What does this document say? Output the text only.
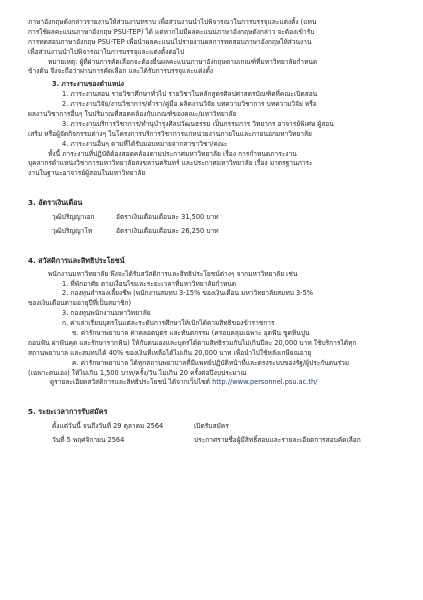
ภาษาอังกฤษดังกล่าวรายงานให้ส่วนงานทราบ เพื่อส่วนงานนำไปพิจารณาในการบรรจุและแต่งตั้ง (แทน

การใช้ผลคะแนนภาษาอังกฤษ PSU-TEP) ได้ แต่หากไม่มีผลคะแนนภาษาอังกฤษดังกล่าว จะต้องเข้ารับ

การทดสอบภาษาอังกฤษ PSU-TEP เพื่อนำผลคะแนนไปรายงานผลการทดสอบภาษาอังกฤษให้ส่วนงาน

เพื่อส่วนงานนำไปพิจารณาในการบรรจุและแต่งตั้งต่อไป

หมายเหตุ: ผู้ที่ผ่านการคัดเลือกจะต้องยื่นผลคะแนนภาษาอังกฤษตามเกณฑ์ที่มหาวิทยาลัยกำหนด

ข้างต้น จึงจะถือว่าผ่านการคัดเลือก และได้รับการบรรจุและแต่งตั้ง

3. ภาระงานของตำแหน่ง

1. ภาระงานสอน รายวิชาศึกษาทั่วไป รายวิชาในหลักสูตรศิลปศาสตรบัณฑิตที่คณะเปิดสอน

2. ภาระงานวิจัย/งานวิชาการ/ตำรา/คู่มือ ผลิตงานวิจัย บทความวิชาการ บทความวิจัย หรือ

ผลงานวิชาการอื่นๆ ในปริมาณที่สอดคล้องกับเกณฑ์ของคณะ/มหาวิทยาลัย

3. ภาระงานบริการวิชาการ/ทำนุบำรุงศิลปวัฒนธรรม เป็นกรรมการ วิทยากร อาจารย์พิเศษ ผู้สอน

เสริม หรือผู้จัดกิจกรรมต่างๆ ในโครงการบริการวิชาการแก่หน่วยงานภายในและภายนอกมหาวิทยาลัย

4. ภาระงานอื่นๆ ตามที่ได้รับมอบหมายจากสาขาวิชา/คณะ

ทั้งนี้ ภาระงานที่ปฏิบัติต้องสอดคล้องตามประกาศมหาวิทยาลัย เรื่อง การกำหนดภาระงาน

บุคลากรตำแหน่งวิชาการมหาวิทยาลัยสงขลานครินทร์ และประกาศมหาวิทยาลัย เรื่อง มาตรฐานภาระ

งานในฐานะอาจารย์ผู้สอนในมหาวิทยาลัย

3. อัตราเงินเดือน
วุฒิปริญญาเอก	อัตราเงินเดือนเดือนละ 31,500 บาท
วุฒิปริญญาโท	อัตราเงินเดือนเดือนละ 26,250 บาท
4. สวัสดิการและสิทธิประโยชน์

พนักงานมหาวิทยาลัย พึงจะได้รับสวัสดิการและสิทธิประโยชน์ต่างๆ จากมหาวิทยาลัย เช่น

1. ที่พักอาศัย ตามเงื่อนไขและระยะเวลาที่มหาวิทยาลัยกำหนด

2. กองทุนสำรองเลี้ยงชีพ (พนักงานสมทบ 3-15% ของเงินเดือน มหาวิทยาลัยสมทบ 3-5%

ของเงินเดือนตามอายุปีที่เป็นสมาชิก)

3. กองทุนพนักงานมหาวิทยาลัย

ก. ค่าเล่าเรียนบุตรในแต่ละระดับการศึกษาให้เบิกได้ตามสิทธิของข้าราชการ

ข. ค่ารักษาพยาบาล ค่าคลอดบุตร และทันตกรรม (ครอบคลุมเฉพาะ อุดฟัน ขูดหินปูน

ถอนฟัน ผ่าฟันคุด และรักษารากฟัน) ให้กับตนเองและบุตรได้ตามสิทธิรวมกันไม่เกินปีละ 20,000 บาท ใช้บริการได้ทุก

สถานพยาบาล และสมทบได้ 40% ของเงินที่เหลือได้ไม่เกิน 20,000 บาท เพื่อนำไปใช้หลังเกษียณอายุ

ค. ค่ารักษาพยาบาล ได้ทุกสถานพยาบาลที่มีแพทย์ปฏิบัติหน้าที่และตรงระบบของรัฐ/ผู้ประกันตนร่วม

(เฉพาะตนเอง) ให้ไม่เกิน 1,500 บาท/ครั้ง/วัน ไม่เกิน 20 ครั้งต่อปีงบประมาณ

ดูรายละเอียดสวัสดิการและสิทธิประโยชน์ ได้จากเว็บไซต์ http://www.personnel.psu.ac.th/

5. ระยะเวลาการรับสมัคร
ตั้งแต่วันนี้ จนถึงวันที่ 29 ตุลาคม 2564	เปิดรับสมัคร
วันที่ 5 พฤศจิกายน 2564	ประกาศรายชื่อผู้มีสิทธิ์สอบและรายละเอียดการสอบคัดเลือก
